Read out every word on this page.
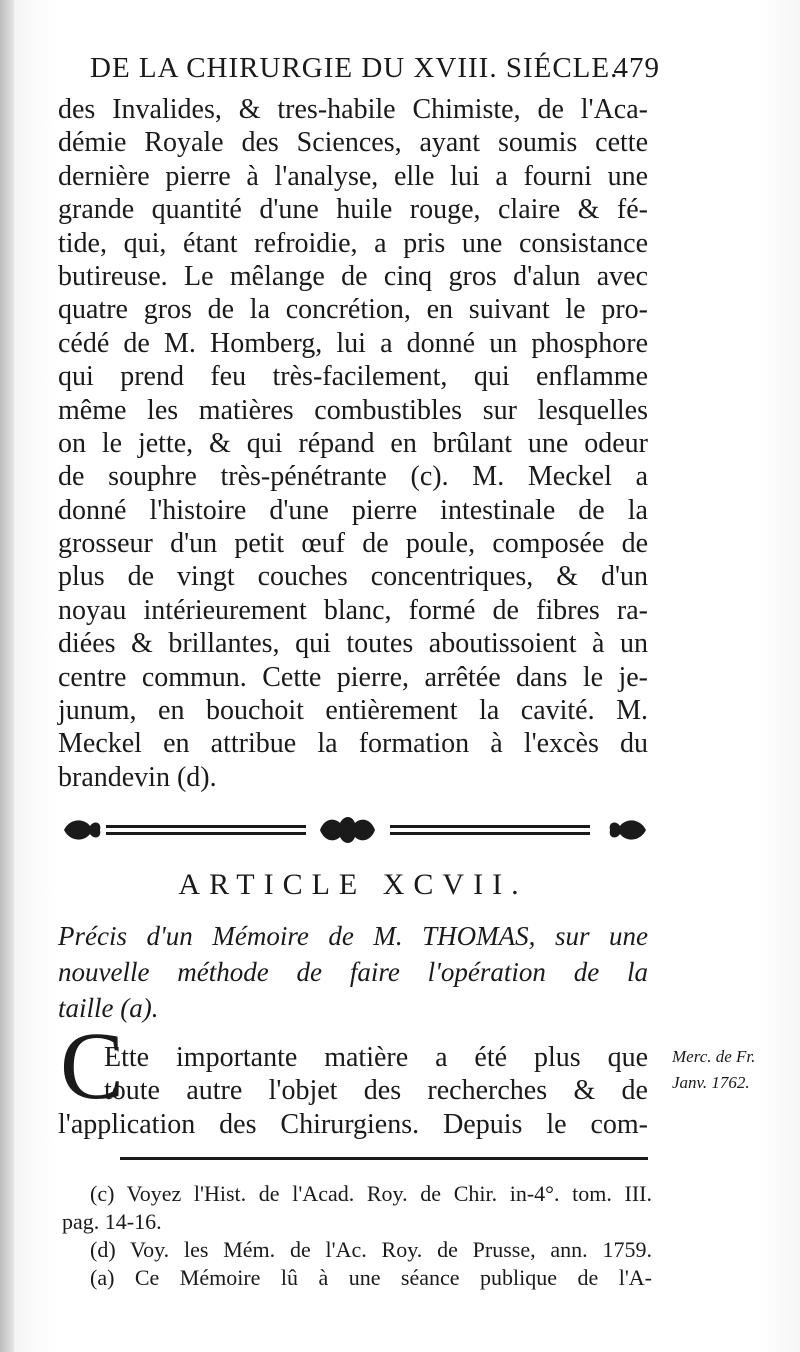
DE LA CHIRURGIE DU XVIII. SIÉCLE.
479
des Invalides, & tres-habile Chimiste, de l'Aca-
démie Royale des Sciences, ayant soumis cette
dernière pierre à l'analyse, elle lui a fourni une
grande quantité d'une huile rouge, claire & fé-
tide, qui, étant refroidie, a pris une consistance
butireuse. Le mêlange de cinq gros d'alun avec
quatre gros de la concrétion, en suivant le pro-
cédé de M. Homberg, lui a donné un phosphore
qui prend feu très-facilement, qui enflamme
même les matières combustibles sur lesquelles
on le jette, & qui répand en brûlant une odeur
de souphre très-pénétrante (c). M. Meckel a
donné l'histoire d'une pierre intestinale de la
grosseur d'un petit œuf de poule, composée de
plus de vingt couches concentriques, & d'un
noyau intérieurement blanc, formé de fibres ra-
diées & brillantes, qui toutes aboutissoient à un
centre commun. Cette pierre, arrêtée dans le je-
junum, en bouchoit entièrement la cavité. M.
Meckel en attribue la formation à l'excès du
brandevin (d).
ARTICLE XCVII.
Précis d'un Mémoire de M. THOMAS, sur une
nouvelle méthode de faire l'opération de la
taille (a).
C
Ette importante matière a été plus que
toute autre l'objet des recherches & de
l'application des Chirurgiens. Depuis le com-
Merc. de Fr.
Janv. 1762.
(c) Voyez l'Hist. de l'Acad. Roy. de Chir. in-4°. tom. III.
pag. 14-16.
(d) Voy. les Mém. de l'Ac. Roy. de Prusse, ann. 1759.
(a) Ce Mémoire lû à une séance publique de l'A-
